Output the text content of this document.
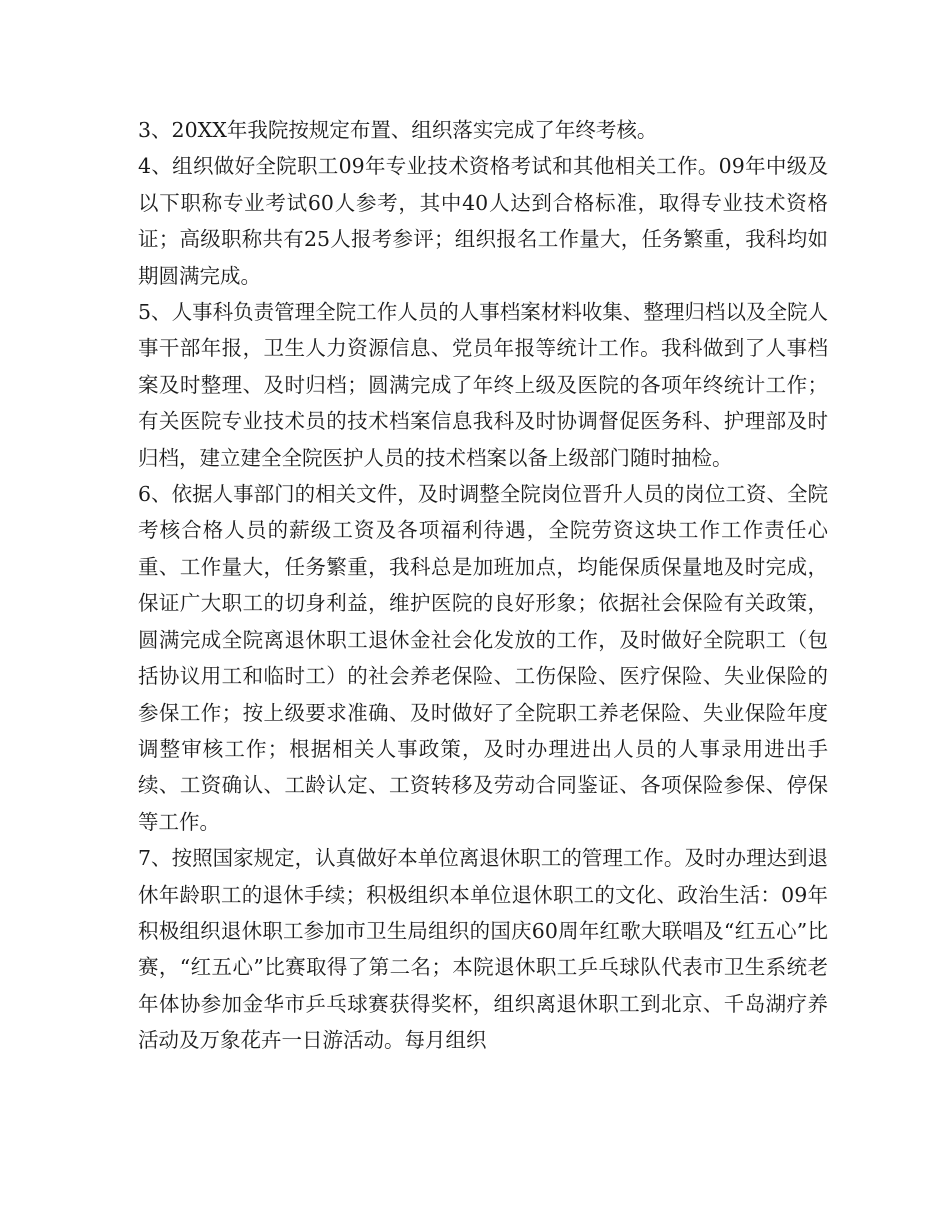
3、20XX年我院按规定布置、组织落实完成了年终考核。

4、组织做好全院职工09年专业技术资格考试和其他相关工作。09年中级及以下职称专业考试60人参考，其中40人达到合格标准，取得专业技术资格证；高级职称共有25人报考参评；组织报名工作量大，任务繁重，我科均如期圆满完成。

5、人事科负责管理全院工作人员的人事档案材料收集、整理归档以及全院人事干部年报，卫生人力资源信息、党员年报等统计工作。我科做到了人事档案及时整理、及时归档；圆满完成了年终上级及医院的各项年终统计工作；有关医院专业技术员的技术档案信息我科及时协调督促医务科、护理部及时归档，建立建全全院医护人员的技术档案以备上级部门随时抽检。

6、依据人事部门的相关文件，及时调整全院岗位晋升人员的岗位工资、全院考核合格人员的薪级工资及各项福利待遇，全院劳资这块工作工作责任心重、工作量大，任务繁重，我科总是加班加点，均能保质保量地及时完成，保证广大职工的切身利益，维护医院的良好形象；依据社会保险有关政策，圆满完成全院离退休职工退休金社会化发放的工作，及时做好全院职工（包括协议用工和临时工）的社会养老保险、工伤保险、医疗保险、失业保险的参保工作；按上级要求准确、及时做好了全院职工养老保险、失业保险年度调整审核工作；根据相关人事政策，及时办理进出人员的人事录用进出手续、工资确认、工龄认定、工资转移及劳动合同鉴证、各项保险参保、停保等工作。

7、按照国家规定，认真做好本单位离退休职工的管理工作。及时办理达到退休年龄职工的退休手续；积极组织本单位退休职工的文化、政治生活：09年积极组织退休职工参加市卫生局组织的国庆60周年红歌大联唱及“红五心”比赛，“红五心”比赛取得了第二名；本院退休职工乒乓球队代表市卫生系统老年体协参加金华市乒乓球赛获得奖杯，组织离退休职工到北京、千岛湖疗养活动及万象花卉一日游活动。每月组织
